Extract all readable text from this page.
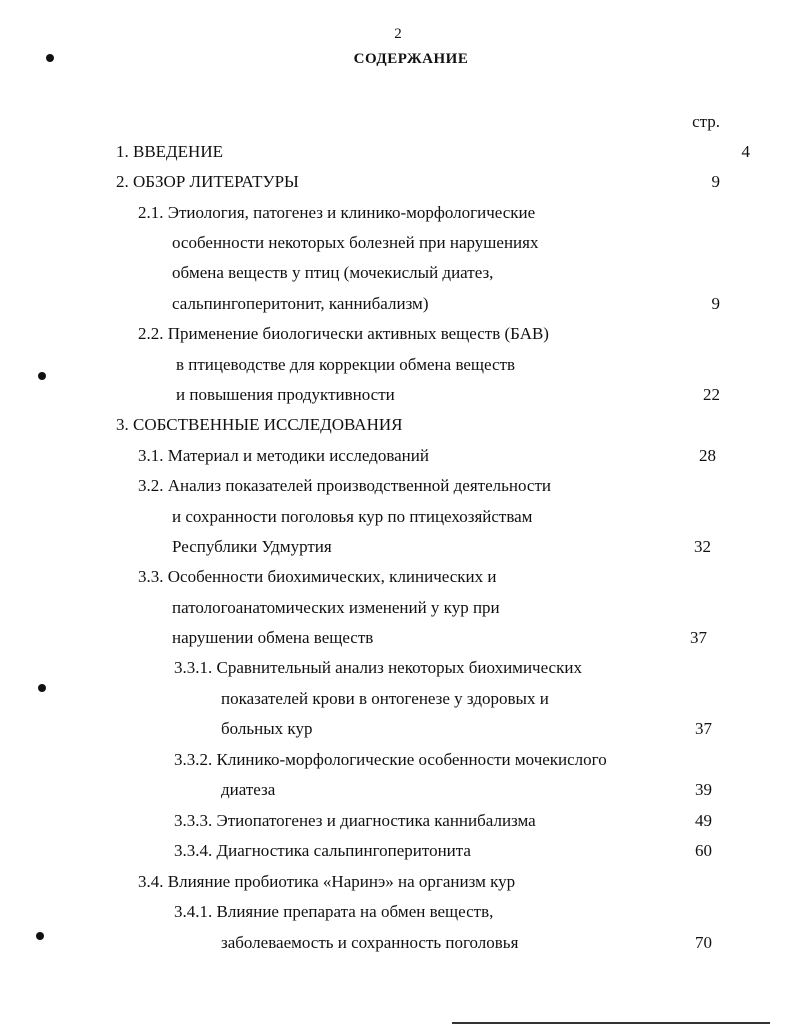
2
СОДЕРЖАНИЕ
стр.
1. ВВЕДЕНИЕ	4
2. ОБЗОР ЛИТЕРАТУРЫ	9
2.1. Этиология, патогенез и клинико-морфологические
особенности некоторых болезней при нарушениях
обмена веществ у птиц (мочекислый диатез,
сальпингоперитонит, каннибализм)	9
2.2. Применение биологически активных веществ (БАВ)
в птицеводстве для коррекции обмена веществ
и повышения продуктивности	22
3. СОБСТВЕННЫЕ ИССЛЕДОВАНИЯ
3.1. Материал и методики исследований	28
3.2. Анализ показателей производственной деятельности
и сохранности поголовья кур по птицехозяйствам
Республики Удмуртия	32
3.3. Особенности биохимических, клинических и
патологоанатомических изменений у кур при
нарушении обмена веществ	37
3.3.1. Сравнительный анализ некоторых биохимических
показателей крови в онтогенезе у здоровых и
больных кур	37
3.3.2. Клинико-морфологические особенности мочекислого
диатеза	39
3.3.3. Этиопатогенез и диагностика каннибализма	49
3.3.4. Диагностика сальпингоперитонита	60
3.4. Влияние пробиотика «Наринэ» на организм кур
3.4.1. Влияние препарата на обмен веществ,
заболеваемость и сохранность поголовья	70
